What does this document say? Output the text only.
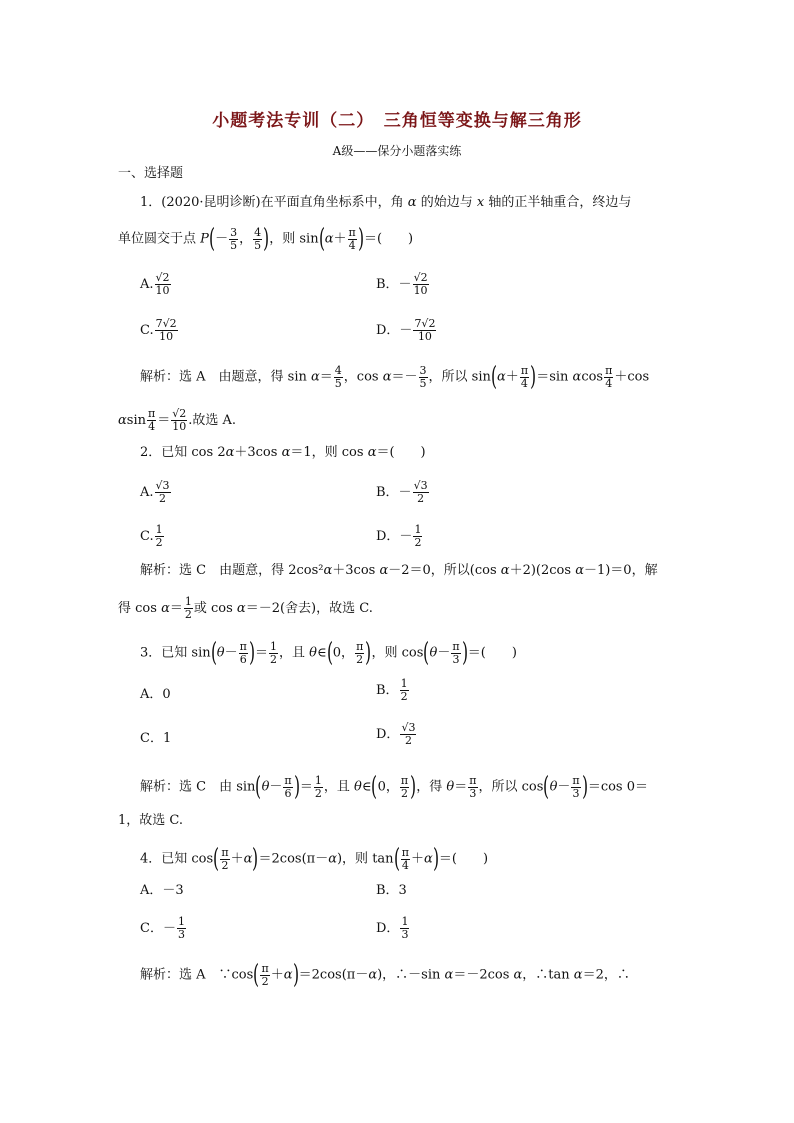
小题考法专训（二）　三角恒等变换与解三角形
A级——保分小题落实练
一、选择题
1．(2020·昆明诊断)在平面直角坐标系中，角 α 的始边与 x 轴的正半轴重合，终边与
单位圆交于点 $P(- \frac{3}{5}$ ， $\frac{4}{5}$ )，则 $\sin(\alpha+ \frac{\pi}{4}$ )＝(　　)
A. $\frac{√2}{10}$	B．－ $\frac{√2}{10}$
C. $\frac{7√2}{10}$	D．－ $\frac{7√2}{10}$
解析：选 A　由题意，得 $\sin \alpha= \frac{4}{5}$ ，$\cos \alpha=- \frac{3}{5}$ ，所以 $\sin(\alpha+ \frac{\pi}{4} )=\sin$ αcos $\frac{\pi}{4} +\cos$
αsin $\frac{\pi}{4} = \frac{√2}{10}$ .故选 A.
2．已知 cos 2α＋3cos α＝1，则 cos α＝(　　)
A. $\frac{√3}{2}$	B．－ $\frac{√3}{2}$
C. $\frac{1}{2}$	D．－ $\frac{1}{2}$
解析：选 C　由题意，得 2cos²α＋3cos α－2＝0，所以(cos α＋2)(2cos α－1)＝0，解
得 $\cos \alpha= \frac{1}{2}$ 或 cos α＝－2(舍去)，故选 C.
3．已知 $\sin(\theta- \frac{\pi}{6}$ )＝ $\frac{1}{2}$ ，且 θ∈(0， $\frac{\pi}{2}$ )，则 $\cos(\theta- \frac{\pi}{3}$ )＝(　　)
A．0	B． $\frac{1}{2}$
C．1	D． $\frac{√3}{2}$
解析：选 C　由 $\sin(\theta- \frac{\pi}{6}$ )＝ $\frac{1}{2}$ ，且 θ∈(0， $\frac{\pi}{2}$ )，得 $\theta= \frac{\pi}{3}$ ，所以 $\cos(\theta- \frac{\pi}{3} )=\cos$ 0＝
1，故选 C.
4．已知 $\cos( \frac{\pi}{2} +\alpha)=2\cos(\pi-\alpha)$，则 $\tan( \frac{\pi}{4} +\alpha)=$(　　)
A．－3	B．3
C．－ $\frac{1}{3}$	D． $\frac{1}{3}$
解析：选 A　∵cos( $\frac{\pi}{2} +\alpha)=2\cos(\pi-\alpha)$，∴－sin α＝－2cos α，∴tan α＝2，∴
